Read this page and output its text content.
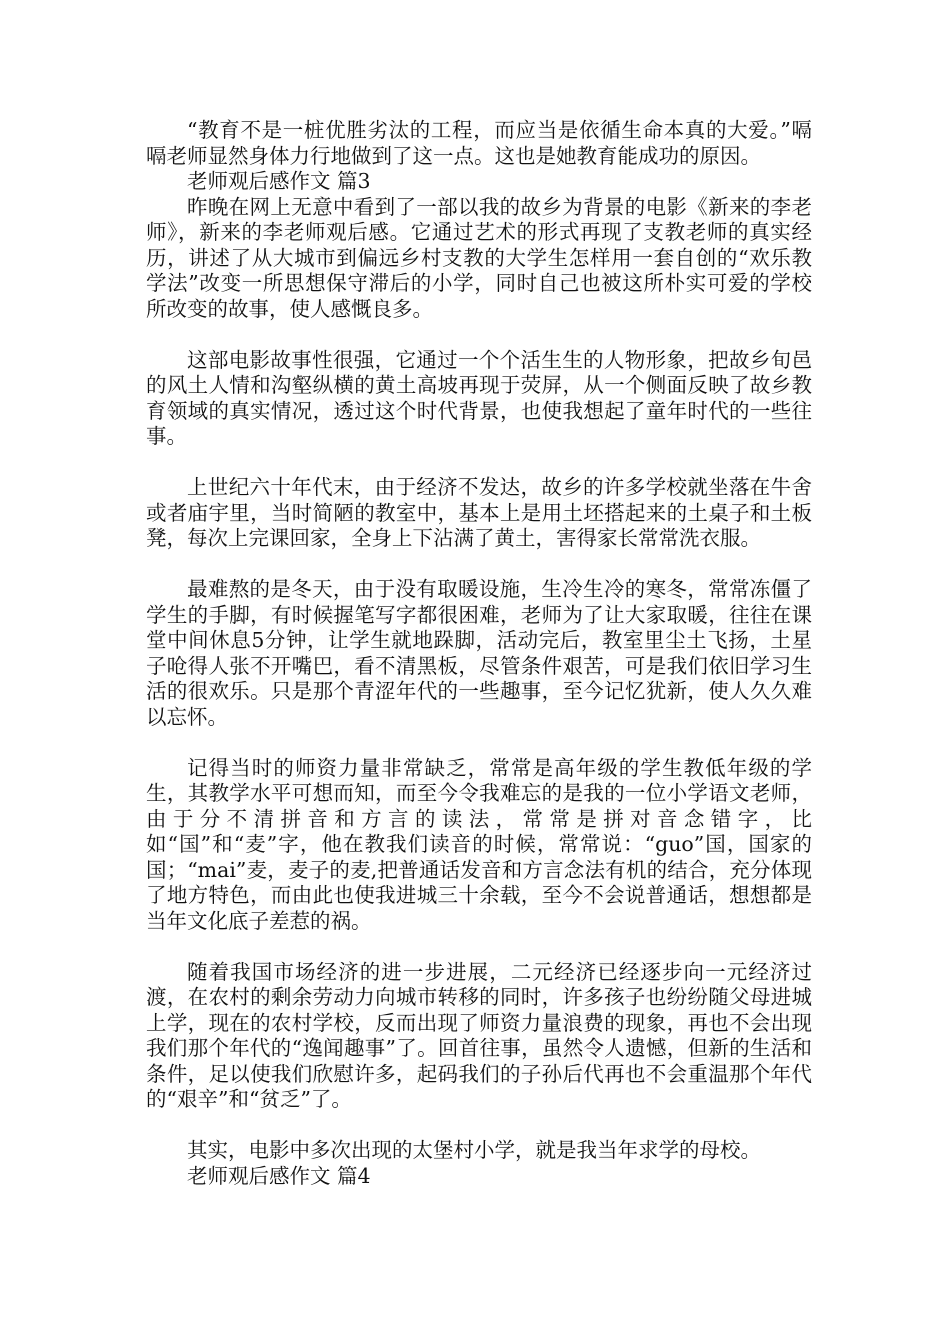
“教育不是一桩优胜劣汰的工程，而应当是依循生命本真的大爱。”嗝嗝老师显然身体力行地做到了这一点。这也是她教育能成功的原因。

老师观后感作文 篇3

昨晚在网上无意中看到了一部以我的故乡为背景的电影《新来的李老师》，新来的李老师观后感。它通过艺术的形式再现了支教老师的真实经历，讲述了从大城市到偏远乡村支教的大学生怎样用一套自创的“欢乐教学法”改变一所思想保守滞后的小学，同时自己也被这所朴实可爱的学校所改变的故事，使人感慨良多。

这部电影故事性很强，它通过一个个活生生的人物形象，把故乡旬邑的风土人情和沟壑纵横的黄土高坡再现于荧屏，从一个侧面反映了故乡教育领域的真实情况，透过这个时代背景，也使我想起了童年时代的一些往事。

上世纪六十年代末，由于经济不发达，故乡的许多学校就坐落在牛舍或者庙宇里，当时简陋的教室中，基本上是用土坯搭起来的土桌子和土板凳，每次上完课回家，全身上下沾满了黄土，害得家长常常洗衣服。

最难熬的是冬天，由于没有取暖设施，生冷生冷的寒冬，常常冻僵了学生的手脚，有时候握笔写字都很困难，老师为了让大家取暖，往往在课堂中间休息5分钟，让学生就地跺脚，活动完后，教室里尘土飞扬，土星子呛得人张不开嘴巴，看不清黑板，尽管条件艰苦，可是我们依旧学习生活的很欢乐。只是那个青涩年代的一些趣事，至今记忆犹新，使人久久难以忘怀。

记得当时的师资力量非常缺乏，常常是高年级的学生教低年级的学生，其教学水平可想而知，而至今令我难忘的是我的一位小学语文老师，由于分不清拼音和方言的读法，常常是拼对音念错字，比如“国”和“麦”字，他在教我们读音的时候，常常说：“guo”国，国家的国；“mai”麦，麦子的麦,把普通话发音和方言念法有机的结合，充分体现了地方特色，而由此也使我进城三十余载，至今不会说普通话，想想都是当年文化底子差惹的祸。

随着我国市场经济的进一步进展，二元经济已经逐步向一元经济过渡，在农村的剩余劳动力向城市转移的同时，许多孩子也纷纷随父母进城上学，现在的农村学校，反而出现了师资力量浪费的现象，再也不会出现我们那个年代的“逸闻趣事”了。回首往事，虽然令人遗憾，但新的生活和条件，足以使我们欣慰许多，起码我们的子孙后代再也不会重温那个年代的“艰辛”和“贫乏”了。

其实，电影中多次出现的太堡村小学，就是我当年求学的母校。

老师观后感作文 篇4
